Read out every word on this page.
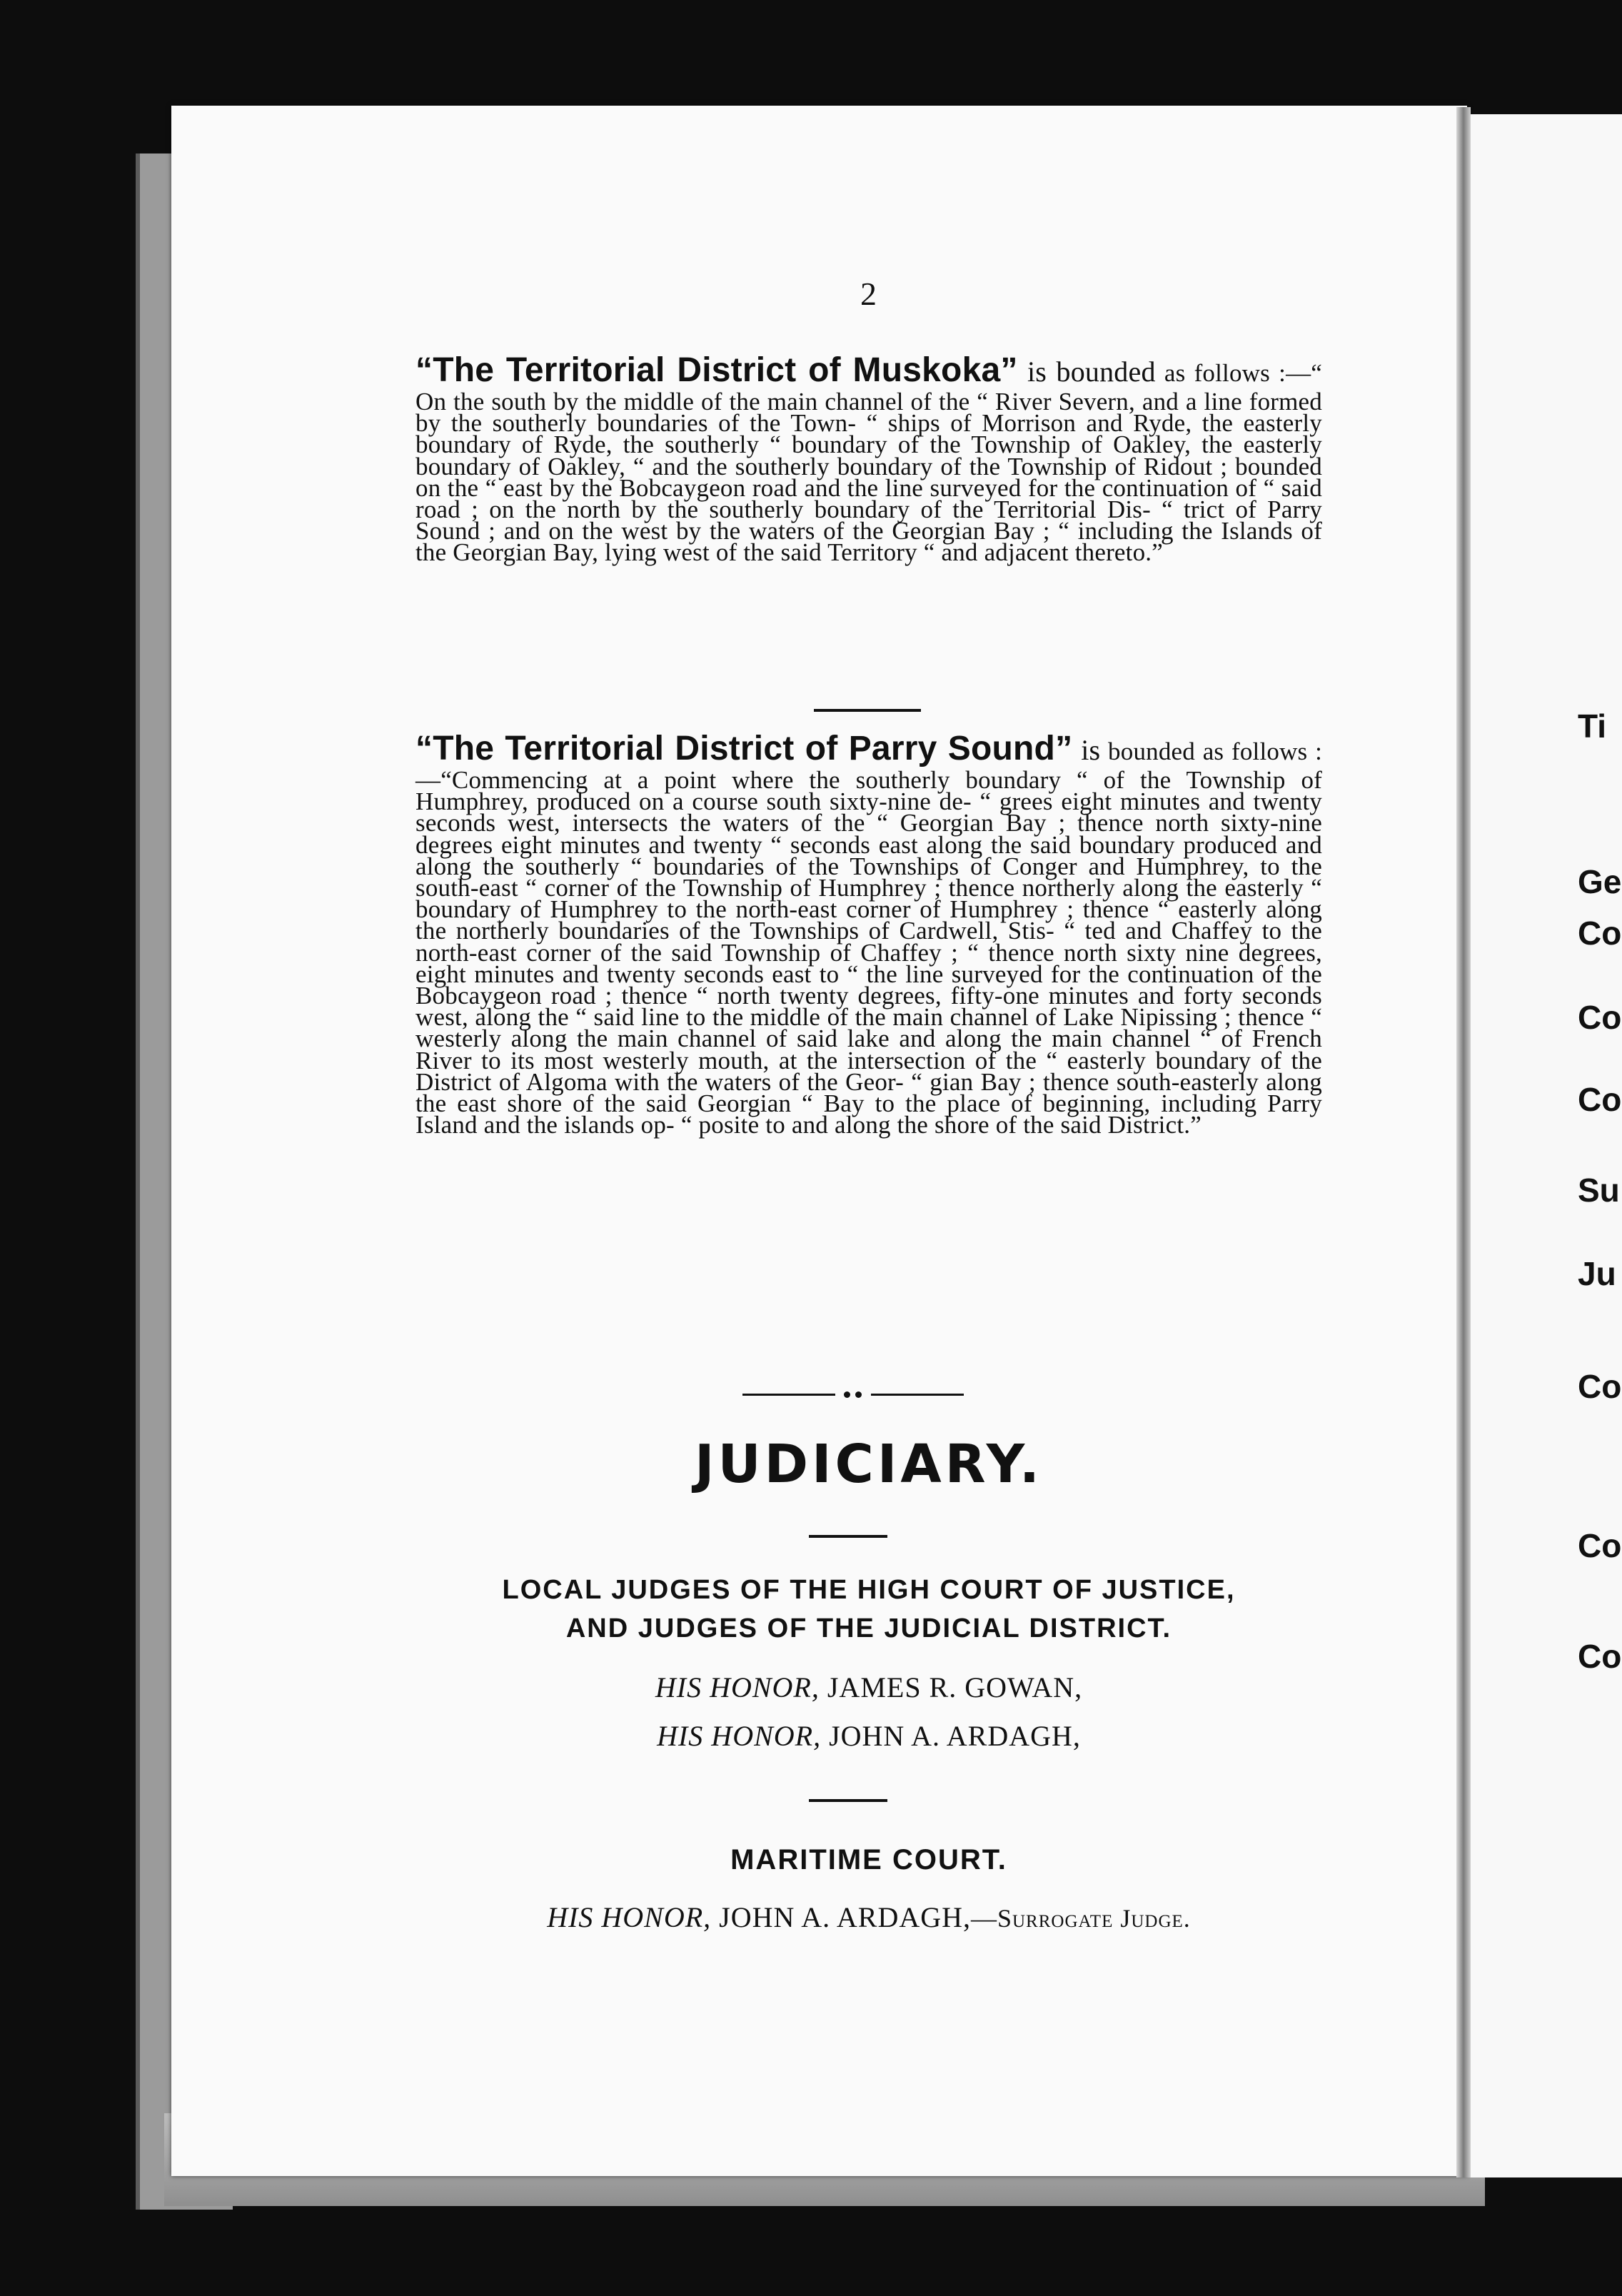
Ti
Ge
Co
Co
Co
Su
Ju
Co
Co
Co
2
“The Territorial District of Muskoka” is bounded as follows :—“ On the south by the middle of the main channel of the “ River Severn, and a line formed by the southerly boundaries of the Town- “ ships of Morrison and Ryde, the easterly boundary of Ryde, the southerly “ boundary of the Township of Oakley, the easterly boundary of Oakley, “ and the southerly boundary of the Township of Ridout ; bounded on the “ east by the Bobcaygeon road and the line surveyed for the continuation of “ said road ; on the north by the southerly boundary of the Territorial Dis- “ trict of Parry Sound ; and on the west by the waters of the Georgian Bay ; “ including the Islands of the Georgian Bay, lying west of the said Territory “ and adjacent thereto.”
“The Territorial District of Parry Sound” is bounded as follows :—“Commencing at a point where the southerly boundary “ of the Township of Humphrey, produced on a course south sixty-nine de- “ grees eight minutes and twenty seconds west, intersects the waters of the “ Georgian Bay ; thence north sixty-nine degrees eight minutes and twenty “ seconds east along the said boundary produced and along the southerly “ boundaries of the Townships of Conger and Humphrey, to the south-east “ corner of the Township of Humphrey ; thence northerly along the easterly “ boundary of Humphrey to the north-east corner of Humphrey ; thence “ easterly along the northerly boundaries of the Townships of Cardwell, Stis- “ ted and Chaffey to the north-east corner of the said Township of Chaffey ; “ thence north sixty nine degrees, eight minutes and twenty seconds east to “ the line surveyed for the continuation of the Bobcaygeon road ; thence “ north twenty degrees, fifty-one minutes and forty seconds west, along the “ said line to the middle of the main channel of Lake Nipissing ; thence “ westerly along the main channel of said lake and along the main channel “ of French River to its most westerly mouth, at the intersection of the “ easterly boundary of the District of Algoma with the waters of the Geor- “ gian Bay ; thence south-easterly along the east shore of the said Georgian “ Bay to the place of beginning, including Parry Island and the islands op- “ posite to and along the shore of the said District.”
JUDICIARY.
LOCAL JUDGES OF THE HIGH COURT OF JUSTICE,
AND JUDGES OF THE JUDICIAL DISTRICT.
HIS HONOR, JAMES R. GOWAN,
HIS HONOR, JOHN A. ARDAGH,
MARITIME COURT.
HIS HONOR, JOHN A. ARDAGH,—Surrogate Judge.
